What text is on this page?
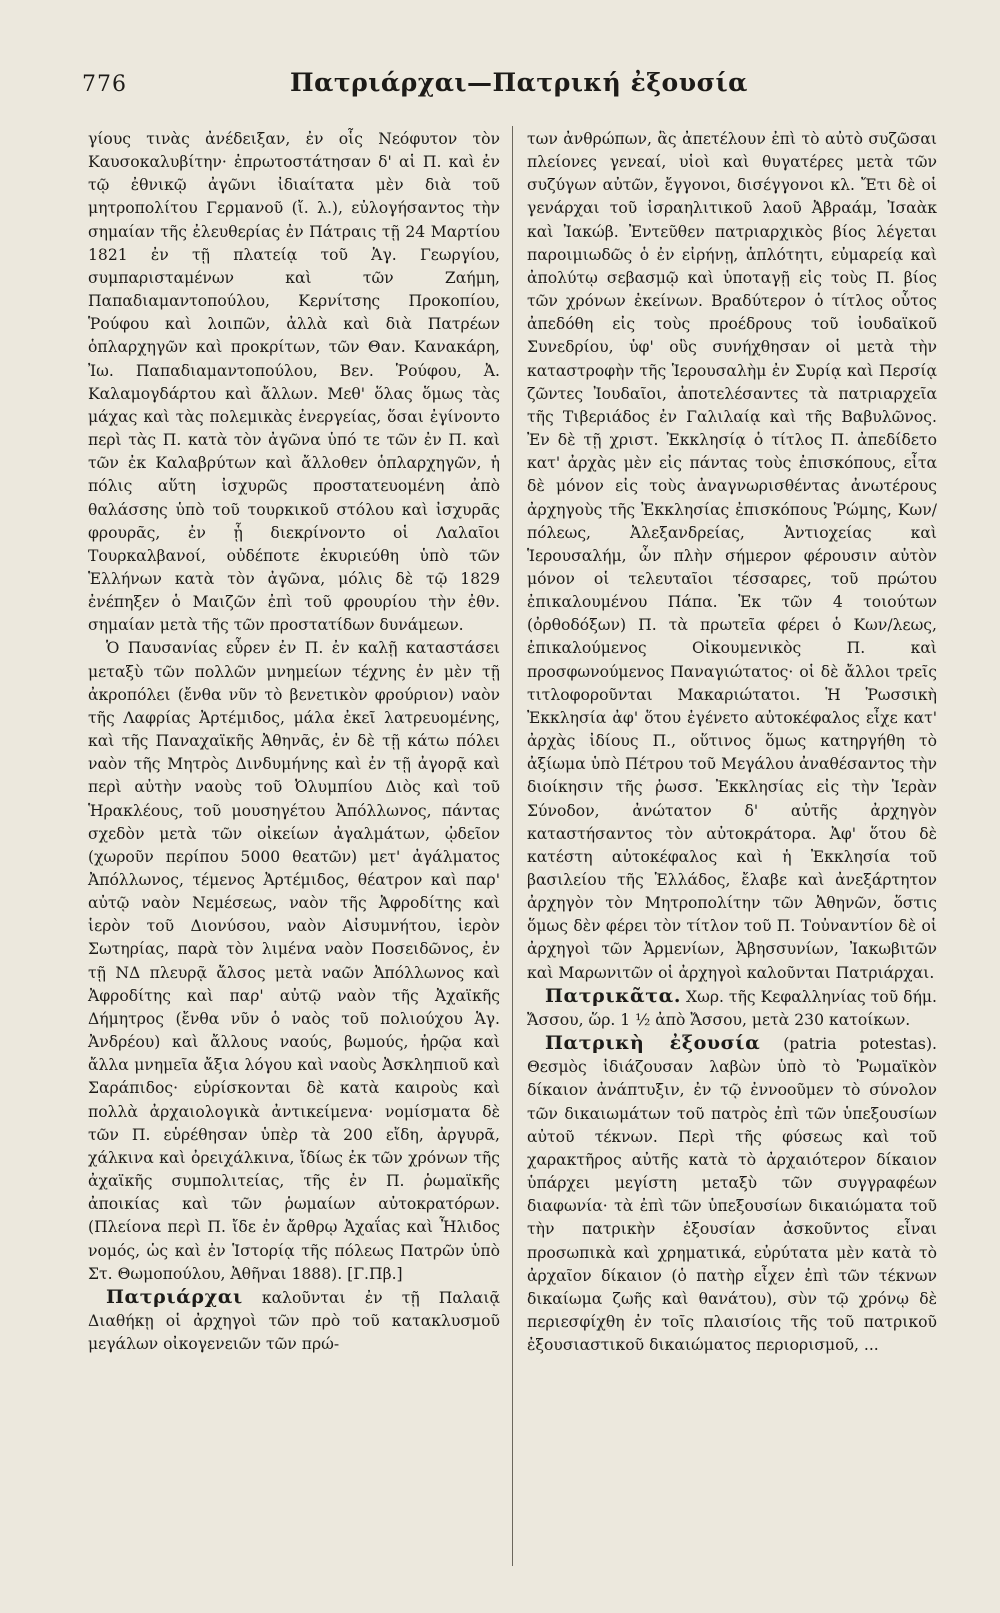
776	Πατριάρχαι—Πατρική ἐξουσία

γίους τινὰς ἀνέδειξαν, ἐν οἷς Νεόφυτον τὸν Καυσοκαλυβίτην· ἐπρωτοστάτησαν δ' αἱ Π. καὶ ἐν τῷ ἐθνικῷ ἀγῶνι ἰδιαίτατα μὲν διὰ τοῦ μητροπολίτου Γερμανοῦ (ἴ. λ.), εὐλογήσαντος τὴν σημαίαν τῆς ἐλευθερίας ἐν Πάτραις τῇ 24 Μαρτίου 1821 ἐν τῇ πλατείᾳ τοῦ Ἁγ. Γεωργίου, συμπαρισταμένων καὶ τῶν Ζαήμη, Παπαδιαμαντοπούλου, Κερνίτσης Προκοπίου, Ῥούφου καὶ λοιπῶν, ἀλλὰ καὶ διὰ Πατρέων ὁπλαρχηγῶν καὶ προκρίτων, τῶν Θαν. Κανακάρη, Ἰω. Παπαδιαμαντοπούλου, Βεν. Ῥούφου, Ἀ. Καλαμογδάρτου καὶ ἄλλων. Μεθ' ὅλας ὅμως τὰς μάχας καὶ τὰς πολεμικὰς ἐνεργείας, ὅσαι ἐγίνοντο περὶ τὰς Π. κατὰ τὸν ἀγῶνα ὑπό τε τῶν ἐν Π. καὶ τῶν ἐκ Καλαβρύτων καὶ ἄλλοθεν ὁπλαρχηγῶν, ἡ πόλις αὕτη ἰσχυρῶς προστατευομένη ἀπὸ θαλάσσης ὑπὸ τοῦ τουρκικοῦ στόλου καὶ ἰσχυρᾶς φρουρᾶς, ἐν ᾗ διεκρίνοντο οἱ Λαλαῖοι Τουρκαλβανοί, οὐδέποτε ἐκυριεύθη ὑπὸ τῶν Ἑλλήνων κατὰ τὸν ἀγῶνα, μόλις δὲ τῷ 1829 ἐνέπηξεν ὁ Μαιζῶν ἐπὶ τοῦ φρουρίου τὴν ἐθν. σημαίαν μετὰ τῆς τῶν προστατίδων δυνάμεων.

Ὁ Παυσανίας εὗρεν ἐν Π. ἐν καλῇ καταστάσει μεταξὺ τῶν πολλῶν μνημείων τέχνης ἐν μὲν τῇ ἀκροπόλει (ἔνθα νῦν τὸ βενετικὸν φρούριον) ναὸν τῆς Λαφρίας Ἀρτέμιδος, μάλα ἐκεῖ λατρευομένης, καὶ τῆς Παναχαϊκῆς Ἀθηνᾶς, ἐν δὲ τῇ κάτω πόλει ναὸν τῆς Μητρὸς Δινδυμήνης καὶ ἐν τῇ ἀγορᾷ καὶ περὶ αὐτὴν ναοὺς τοῦ Ὀλυμπίου Διὸς καὶ τοῦ Ἡρακλέους, τοῦ μουσηγέτου Ἀπόλλωνος, πάντας σχεδὸν μετὰ τῶν οἰκείων ἀγαλμάτων, ᾠδεῖον (χωροῦν περίπου 5000 θεατῶν) μετ' ἀγάλματος Ἀπόλλωνος, τέμενος Ἀρτέμιδος, θέατρον καὶ παρ' αὐτῷ ναὸν Νεμέσεως, ναὸν τῆς Ἀφροδίτης καὶ ἱερὸν τοῦ Διονύσου, ναὸν Αἰσυμνήτου, ἱερὸν Σωτηρίας, παρὰ τὸν λιμένα ναὸν Ποσειδῶνος, ἐν τῇ ΝΔ πλευρᾷ ἄλσος μετὰ ναῶν Ἀπόλλωνος καὶ Ἀφροδίτης καὶ παρ' αὐτῷ ναὸν τῆς Ἀχαϊκῆς Δήμητρος (ἔνθα νῦν ὁ ναὸς τοῦ πολιούχου Ἁγ. Ἀνδρέου) καὶ ἄλλους ναούς, βωμούς, ἡρῷα καὶ ἄλλα μνημεῖα ἄξια λόγου καὶ ναοὺς Ἀσκληπιοῦ καὶ Σαράπιδος· εὑρίσκονται δὲ κατὰ καιροὺς καὶ πολλὰ ἀρχαιολογικὰ ἀντικείμενα· νομίσματα δὲ τῶν Π. εὑρέθησαν ὑπὲρ τὰ 200 εἴδη, ἀργυρᾶ, χάλκινα καὶ ὀρειχάλκινα, ἴδίως ἐκ τῶν χρόνων τῆς ἀχαϊκῆς συμπολιτείας, τῆς ἐν Π. ῥωμαϊκῆς ἀποικίας καὶ τῶν ῥωμαίων αὐτοκρατόρων. (Πλείονα περὶ Π. ἴδε ἐν ἄρθρῳ Ἀχαΐας καὶ Ἦλιδος νομός, ὡς καὶ ἐν Ἱστορίᾳ τῆς πόλεως Πατρῶν ὑπὸ Στ. Θωμοπούλου, Ἀθῆναι 1888). [Γ.Πβ.]

Πατριάρχαι καλοῦνται ἐν τῇ Παλαιᾷ Διαθήκῃ οἱ ἀρχηγοὶ τῶν πρὸ τοῦ κατακλυσμοῦ μεγάλων οἰκογενειῶν τῶν πρώ-

των ἀνθρώπων, ἃς ἀπετέλουν ἐπὶ τὸ αὐτὸ συζῶσαι πλείονες γενεαί, υἱοὶ καὶ θυγατέρες μετὰ τῶν συζύγων αὐτῶν, ἔγγονοι, δισέγγονοι κλ. Ἔτι δὲ οἱ γενάρχαι τοῦ ἰσραηλιτικοῦ λαοῦ Ἀβραάμ, Ἰσαὰκ καὶ Ἰακώβ. Ἐντεῦθεν πατριαρχικὸς βίος λέγεται παροιμιωδῶς ὁ ἐν εἰρήνῃ, ἁπλότητι, εὐμαρείᾳ καὶ ἀπολύτῳ σεβασμῷ καὶ ὑποταγῇ εἰς τοὺς Π. βίος τῶν χρόνων ἐκείνων. Βραδύτερον ὁ τίτλος οὗτος ἀπεδόθη εἰς τοὺς προέδρους τοῦ ἰουδαϊκοῦ Συνεδρίου, ὑφ' οὓς συνήχθησαν οἱ μετὰ τὴν καταστροφὴν τῆς Ἱερουσαλὴμ ἐν Συρίᾳ καὶ Περσίᾳ ζῶντες Ἰουδαῖοι, ἀποτελέσαντες τὰ πατριαρχεῖα τῆς Τιβεριάδος ἐν Γαλιλαίᾳ καὶ τῆς Βαβυλῶνος. Ἐν δὲ τῇ χριστ. Ἐκκλησίᾳ ὁ τίτλος Π. ἀπεδίδετο κατ' ἀρχὰς μὲν εἰς πάντας τοὺς ἐπισκόπους, εἶτα δὲ μόνον εἰς τοὺς ἀναγνωρισθέντας ἀνωτέρους ἀρχηγοὺς τῆς Ἐκκλησίας ἐπισκόπους Ῥώμης, Κων/πόλεως, Ἀλεξανδρείας, Ἀντιοχείας καὶ Ἱερουσαλήμ, ὧν πλὴν σήμερον φέρουσιν αὐτὸν μόνον οἱ τελευταῖοι τέσσαρες, τοῦ πρώτου ἐπικαλουμένου Πάπα. Ἐκ τῶν 4 τοιούτων (ὀρθοδόξων) Π. τὰ πρωτεῖα φέρει ὁ Κων/λεως, ἐπικαλούμενος Οἰκουμενικὸς Π. καὶ προσφωνούμενος Παναγιώτατος· οἱ δὲ ἄλλοι τρεῖς τιτλοφοροῦνται Μακαριώτατοι. Ἡ Ῥωσσικὴ Ἐκκλησία ἀφ' ὅτου ἐγένετο αὐτοκέφαλος εἶχε κατ' ἀρχὰς ἰδίους Π., οὕτινος ὅμως κατηργήθη τὸ ἀξίωμα ὑπὸ Πέτρου τοῦ Μεγάλου ἀναθέσαντος τὴν διοίκησιν τῆς ῥωσσ. Ἐκκλησίας εἰς τὴν Ἱερὰν Σύνοδον, ἀνώτατον δ' αὐτῆς ἀρχηγὸν καταστήσαντος τὸν αὐτοκράτορα. Ἀφ' ὅτου δὲ κατέστη αὐτοκέφαλος καὶ ἡ Ἐκκλησία τοῦ βασιλείου τῆς Ἑλλάδος, ἔλαβε καὶ ἀνεξάρτητον ἀρχηγὸν τὸν Μητροπολίτην τῶν Ἀθηνῶν, ὅστις ὅμως δὲν φέρει τὸν τίτλον τοῦ Π. Τοὐναντίον δὲ οἱ ἀρχηγοὶ τῶν Ἀρμενίων, Ἀβησσυνίων, Ἰακωβιτῶν καὶ Μαρωνιτῶν οἱ ἀρχηγοὶ καλοῦνται Πατριάρχαι.

Πατρικᾶτα. Χωρ. τῆς Κεφαλληνίας τοῦ δήμ. Ἄσσου, ὥρ. 1 ½ ἀπὸ Ἄσσου, μετὰ 230 κατοίκων.

Πατρικὴ ἐξουσία (patria potestas). Θεσμὸς ἰδιάζουσαν λαβὼν ὑπὸ τὸ Ῥωμαϊκὸν δίκαιον ἀνάπτυξιν, ἐν τῷ ἐννοοῦμεν τὸ σύνολον τῶν δικαιωμάτων τοῦ πατρὸς ἐπὶ τῶν ὑπεξουσίων αὐτοῦ τέκνων. Περὶ τῆς φύσεως καὶ τοῦ χαρακτῆρος αὐτῆς κατὰ τὸ ἀρχαιότερον δίκαιον ὑπάρχει μεγίστη μεταξὺ τῶν συγγραφέων διαφωνία· τὰ ἐπὶ τῶν ὑπεξουσίων δικαιώματα τοῦ τὴν πατρικὴν ἐξουσίαν ἀσκοῦντος εἶναι προσωπικὰ καὶ χρηματικά, εὐρύτατα μὲν κατὰ τὸ ἀρχαῖον δίκαιον (ὁ πατὴρ εἶχεν ἐπὶ τῶν τέκνων δικαίωμα ζωῆς καὶ θανάτου), σὺν τῷ χρόνῳ δὲ περιεσφίχθη ἐν τοῖς πλαισίοις τῆς τοῦ πατρικοῦ ἐξουσιαστικοῦ δικαιώματος περιορισμοῦ, ...
